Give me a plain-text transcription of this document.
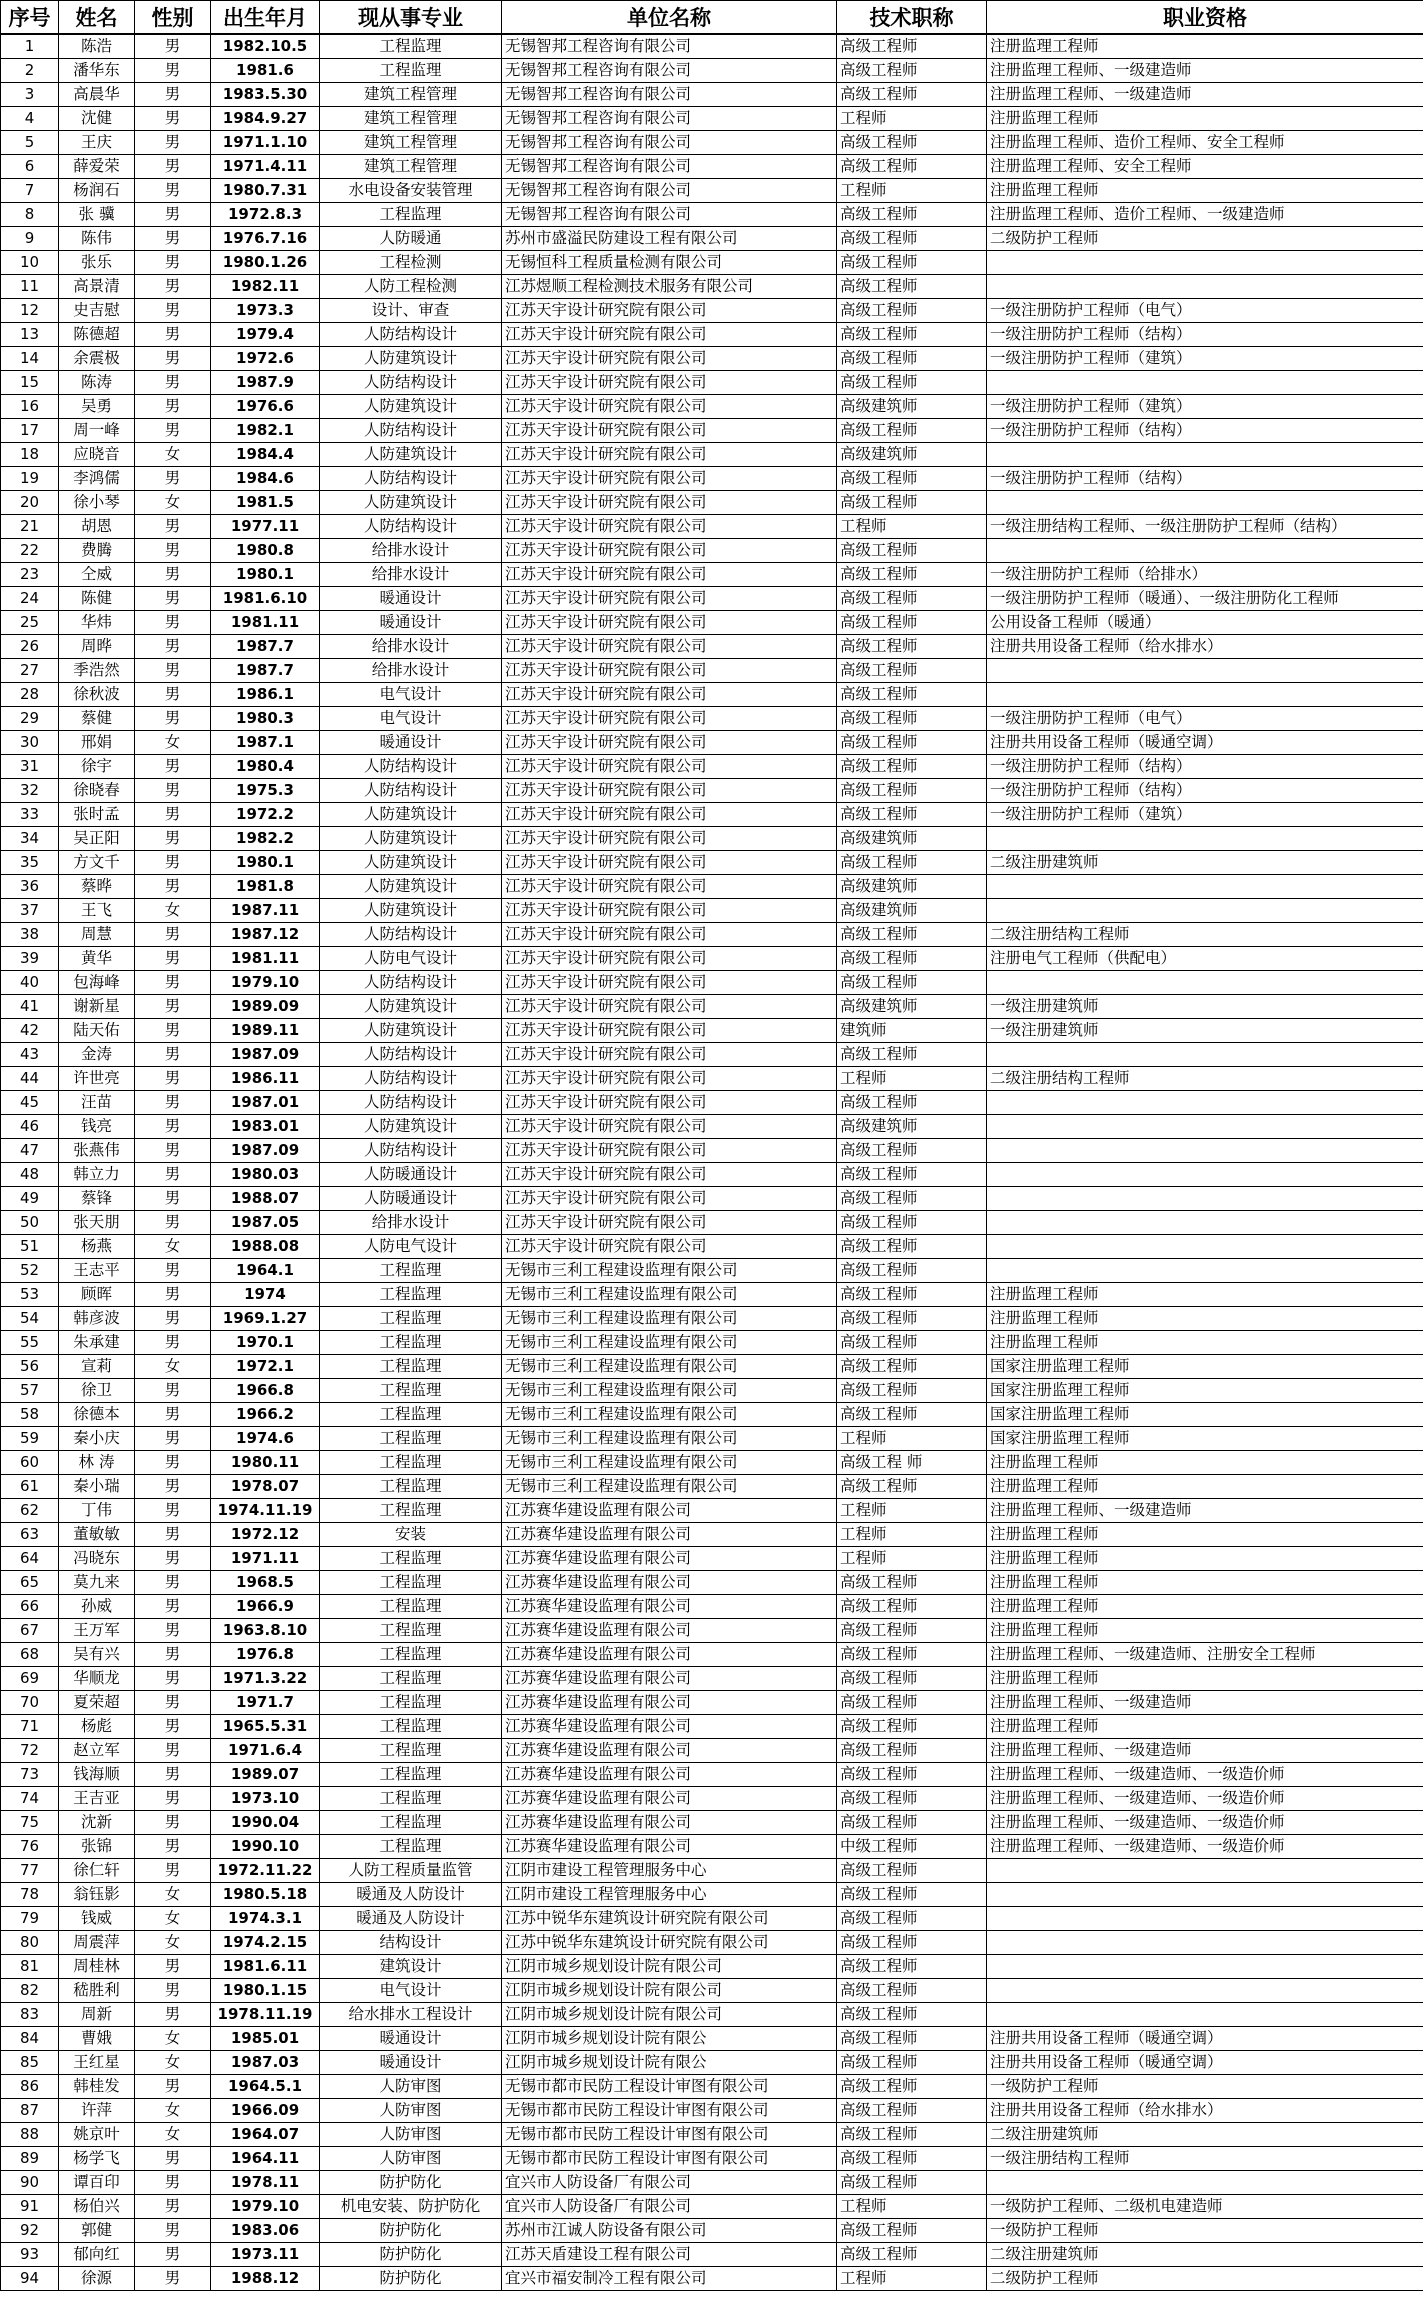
序号	姓名	性别	出生年月	现从事专业	单位名称	技术职称	职业资格
1	陈浩	男	1982.10.5	工程监理	无锡智邦工程咨询有限公司	高级工程师	注册监理工程师
2	潘华东	男	1981.6	工程监理	无锡智邦工程咨询有限公司	高级工程师	注册监理工程师、一级建造师
3	高晨华	男	1983.5.30	建筑工程管理	无锡智邦工程咨询有限公司	高级工程师	注册监理工程师、一级建造师
4	沈健	男	1984.9.27	建筑工程管理	无锡智邦工程咨询有限公司	工程师	注册监理工程师
5	王庆	男	1971.1.10	建筑工程管理	无锡智邦工程咨询有限公司	高级工程师	注册监理工程师、造价工程师、安全工程师
6	薛爱荣	男	1971.4.11	建筑工程管理	无锡智邦工程咨询有限公司	高级工程师	注册监理工程师、安全工程师
7	杨润石	男	1980.7.31	水电设备安装管理	无锡智邦工程咨询有限公司	工程师	注册监理工程师
8	张 骥	男	1972.8.3	工程监理	无锡智邦工程咨询有限公司	高级工程师	注册监理工程师、造价工程师、一级建造师
9	陈伟	男	1976.7.16	人防暖通	苏州市盛溢民防建设工程有限公司	高级工程师	二级防护工程师
10	张乐	男	1980.1.26	工程检测	无锡恒科工程质量检测有限公司	高级工程师	
11	高景清	男	1982.11	人防工程检测	江苏煜顺工程检测技术服务有限公司	高级工程师	
12	史吉慰	男	1973.3	设计、审查	江苏天宇设计研究院有限公司	高级工程师	一级注册防护工程师（电气）
13	陈德超	男	1979.4	人防结构设计	江苏天宇设计研究院有限公司	高级工程师	一级注册防护工程师（结构）
14	余震极	男	1972.6	人防建筑设计	江苏天宇设计研究院有限公司	高级工程师	一级注册防护工程师（建筑）
15	陈涛	男	1987.9	人防结构设计	江苏天宇设计研究院有限公司	高级工程师	
16	吴勇	男	1976.6	人防建筑设计	江苏天宇设计研究院有限公司	高级建筑师	一级注册防护工程师（建筑）
17	周一峰	男	1982.1	人防结构设计	江苏天宇设计研究院有限公司	高级工程师	一级注册防护工程师（结构）
18	应晓音	女	1984.4	人防建筑设计	江苏天宇设计研究院有限公司	高级建筑师	
19	李鸿儒	男	1984.6	人防结构设计	江苏天宇设计研究院有限公司	高级工程师	一级注册防护工程师（结构）
20	徐小琴	女	1981.5	人防建筑设计	江苏天宇设计研究院有限公司	高级工程师	
21	胡恩	男	1977.11	人防结构设计	江苏天宇设计研究院有限公司	工程师	一级注册结构工程师、一级注册防护工程师（结构）
22	费腾	男	1980.8	给排水设计	江苏天宇设计研究院有限公司	高级工程师	
23	仝威	男	1980.1	给排水设计	江苏天宇设计研究院有限公司	高级工程师	一级注册防护工程师（给排水）
24	陈健	男	1981.6.10	暖通设计	江苏天宇设计研究院有限公司	高级工程师	一级注册防护工程师（暖通）、一级注册防化工程师
25	华炜	男	1981.11	暖通设计	江苏天宇设计研究院有限公司	高级工程师	公用设备工程师（暖通）
26	周晔	男	1987.7	给排水设计	江苏天宇设计研究院有限公司	高级工程师	注册共用设备工程师（给水排水）
27	季浩然	男	1987.7	给排水设计	江苏天宇设计研究院有限公司	高级工程师	
28	徐秋波	男	1986.1	电气设计	江苏天宇设计研究院有限公司	高级工程师	
29	蔡健	男	1980.3	电气设计	江苏天宇设计研究院有限公司	高级工程师	一级注册防护工程师（电气）
30	邢娟	女	1987.1	暖通设计	江苏天宇设计研究院有限公司	高级工程师	注册共用设备工程师（暖通空调）
31	徐宇	男	1980.4	人防结构设计	江苏天宇设计研究院有限公司	高级工程师	一级注册防护工程师（结构）
32	徐晓春	男	1975.3	人防结构设计	江苏天宇设计研究院有限公司	高级工程师	一级注册防护工程师（结构）
33	张时孟	男	1972.2	人防建筑设计	江苏天宇设计研究院有限公司	高级工程师	一级注册防护工程师（建筑）
34	吴正阳	男	1982.2	人防建筑设计	江苏天宇设计研究院有限公司	高级建筑师	
35	方文千	男	1980.1	人防建筑设计	江苏天宇设计研究院有限公司	高级工程师	二级注册建筑师
36	蔡晔	男	1981.8	人防建筑设计	江苏天宇设计研究院有限公司	高级建筑师	
37	王飞	女	1987.11	人防建筑设计	江苏天宇设计研究院有限公司	高级建筑师	
38	周慧	男	1987.12	人防结构设计	江苏天宇设计研究院有限公司	高级工程师	二级注册结构工程师
39	黄华	男	1981.11	人防电气设计	江苏天宇设计研究院有限公司	高级工程师	注册电气工程师（供配电）
40	包海峰	男	1979.10	人防结构设计	江苏天宇设计研究院有限公司	高级工程师	
41	谢新星	男	1989.09	人防建筑设计	江苏天宇设计研究院有限公司	高级建筑师	一级注册建筑师
42	陆天佑	男	1989.11	人防建筑设计	江苏天宇设计研究院有限公司	建筑师	一级注册建筑师
43	金涛	男	1987.09	人防结构设计	江苏天宇设计研究院有限公司	高级工程师	
44	许世亮	男	1986.11	人防结构设计	江苏天宇设计研究院有限公司	工程师	二级注册结构工程师
45	汪苗	男	1987.01	人防结构设计	江苏天宇设计研究院有限公司	高级工程师	
46	钱亮	男	1983.01	人防建筑设计	江苏天宇设计研究院有限公司	高级建筑师	
47	张燕伟	男	1987.09	人防结构设计	江苏天宇设计研究院有限公司	高级工程师	
48	韩立力	男	1980.03	人防暖通设计	江苏天宇设计研究院有限公司	高级工程师	
49	蔡锋	男	1988.07	人防暖通设计	江苏天宇设计研究院有限公司	高级工程师	
50	张天朋	男	1987.05	给排水设计	江苏天宇设计研究院有限公司	高级工程师	
51	杨燕	女	1988.08	人防电气设计	江苏天宇设计研究院有限公司	高级工程师	
52	王志平	男	1964.1	工程监理	无锡市三利工程建设监理有限公司	高级工程师	
53	顾晖	男	1974	工程监理	无锡市三利工程建设监理有限公司	高级工程师	注册监理工程师
54	韩彦波	男	1969.1.27	工程监理	无锡市三利工程建设监理有限公司	高级工程师	注册监理工程师
55	朱承建	男	1970.1	工程监理	无锡市三利工程建设监理有限公司	高级工程师	注册监理工程师
56	宣莉	女	1972.1	工程监理	无锡市三利工程建设监理有限公司	高级工程师	国家注册监理工程师
57	徐卫	男	1966.8	工程监理	无锡市三利工程建设监理有限公司	高级工程师	国家注册监理工程师
58	徐德本	男	1966.2	工程监理	无锡市三利工程建设监理有限公司	高级工程师	国家注册监理工程师
59	秦小庆	男	1974.6	工程监理	无锡市三利工程建设监理有限公司	工程师	国家注册监理工程师
60	林 涛	男	1980.11	工程监理	无锡市三利工程建设监理有限公司	高级工程 师	注册监理工程师
61	秦小瑞	男	1978.07	工程监理	无锡市三利工程建设监理有限公司	高级工程师	注册监理工程师
62	丁伟	男	1974.11.19	工程监理	江苏赛华建设监理有限公司	工程师	注册监理工程师、一级建造师
63	董敏敏	男	1972.12	安装	江苏赛华建设监理有限公司	工程师	注册监理工程师
64	冯晓东	男	1971.11	工程监理	江苏赛华建设监理有限公司	工程师	注册监理工程师
65	莫九来	男	1968.5	工程监理	江苏赛华建设监理有限公司	高级工程师	注册监理工程师
66	孙威	男	1966.9	工程监理	江苏赛华建设监理有限公司	高级工程师	注册监理工程师
67	王万军	男	1963.8.10	工程监理	江苏赛华建设监理有限公司	高级工程师	注册监理工程师
68	吴有兴	男	1976.8	工程监理	江苏赛华建设监理有限公司	高级工程师	注册监理工程师、一级建造师、注册安全工程师
69	华顺龙	男	1971.3.22	工程监理	江苏赛华建设监理有限公司	高级工程师	注册监理工程师
70	夏荣超	男	1971.7	工程监理	江苏赛华建设监理有限公司	高级工程师	注册监理工程师、一级建造师
71	杨彪	男	1965.5.31	工程监理	江苏赛华建设监理有限公司	高级工程师	注册监理工程师
72	赵立军	男	1971.6.4	工程监理	江苏赛华建设监理有限公司	高级工程师	注册监理工程师、一级建造师
73	钱海顺	男	1989.07	工程监理	江苏赛华建设监理有限公司	高级工程师	注册监理工程师、一级建造师、一级造价师
74	王吉亚	男	1973.10	工程监理	江苏赛华建设监理有限公司	高级工程师	注册监理工程师、一级建造师、一级造价师
75	沈新	男	1990.04	工程监理	江苏赛华建设监理有限公司	高级工程师	注册监理工程师、一级建造师、一级造价师
76	张锦	男	1990.10	工程监理	江苏赛华建设监理有限公司	中级工程师	注册监理工程师、一级建造师、一级造价师
77	徐仁轩	男	1972.11.22	人防工程质量监管	江阴市建设工程管理服务中心	高级工程师	
78	翁钰影	女	1980.5.18	暖通及人防设计	江阴市建设工程管理服务中心	高级工程师	
79	钱威	女	1974.3.1	暖通及人防设计	江苏中锐华东建筑设计研究院有限公司	高级工程师	
80	周震萍	女	1974.2.15	结构设计	江苏中锐华东建筑设计研究院有限公司	高级工程师	
81	周桂林	男	1981.6.11	建筑设计	江阴市城乡规划设计院有限公司	高级工程师	
82	嵇胜利	男	1980.1.15	电气设计	江阴市城乡规划设计院有限公司	高级工程师	
83	周新	男	1978.11.19	给水排水工程设计	江阴市城乡规划设计院有限公司	高级工程师	
84	曹娥	女	1985.01	暖通设计	江阴市城乡规划设计院有限公	高级工程师	注册共用设备工程师（暖通空调）
85	王红星	女	1987.03	暖通设计	江阴市城乡规划设计院有限公	高级工程师	注册共用设备工程师（暖通空调）
86	韩桂发	男	1964.5.1	人防审图	无锡市都市民防工程设计审图有限公司	高级工程师	一级防护工程师
87	许萍	女	1966.09	人防审图	无锡市都市民防工程设计审图有限公司	高级工程师	注册共用设备工程师（给水排水）
88	姚京叶	女	1964.07	人防审图	无锡市都市民防工程设计审图有限公司	高级工程师	二级注册建筑师
89	杨学飞	男	1964.11	人防审图	无锡市都市民防工程设计审图有限公司	高级工程师	一级注册结构工程师
90	谭百印	男	1978.11	防护防化	宜兴市人防设备厂有限公司	高级工程师	
91	杨伯兴	男	1979.10	机电安装、防护防化	宜兴市人防设备厂有限公司	工程师	一级防护工程师、二级机电建造师
92	郭健	男	1983.06	防护防化	苏州市江诚人防设备有限公司	高级工程师	一级防护工程师
93	郁向红	男	1973.11	防护防化	江苏天盾建设工程有限公司	高级工程师	二级注册建筑师
94	徐源	男	1988.12	防护防化	宜兴市福安制冷工程有限公司	工程师	二级防护工程师
